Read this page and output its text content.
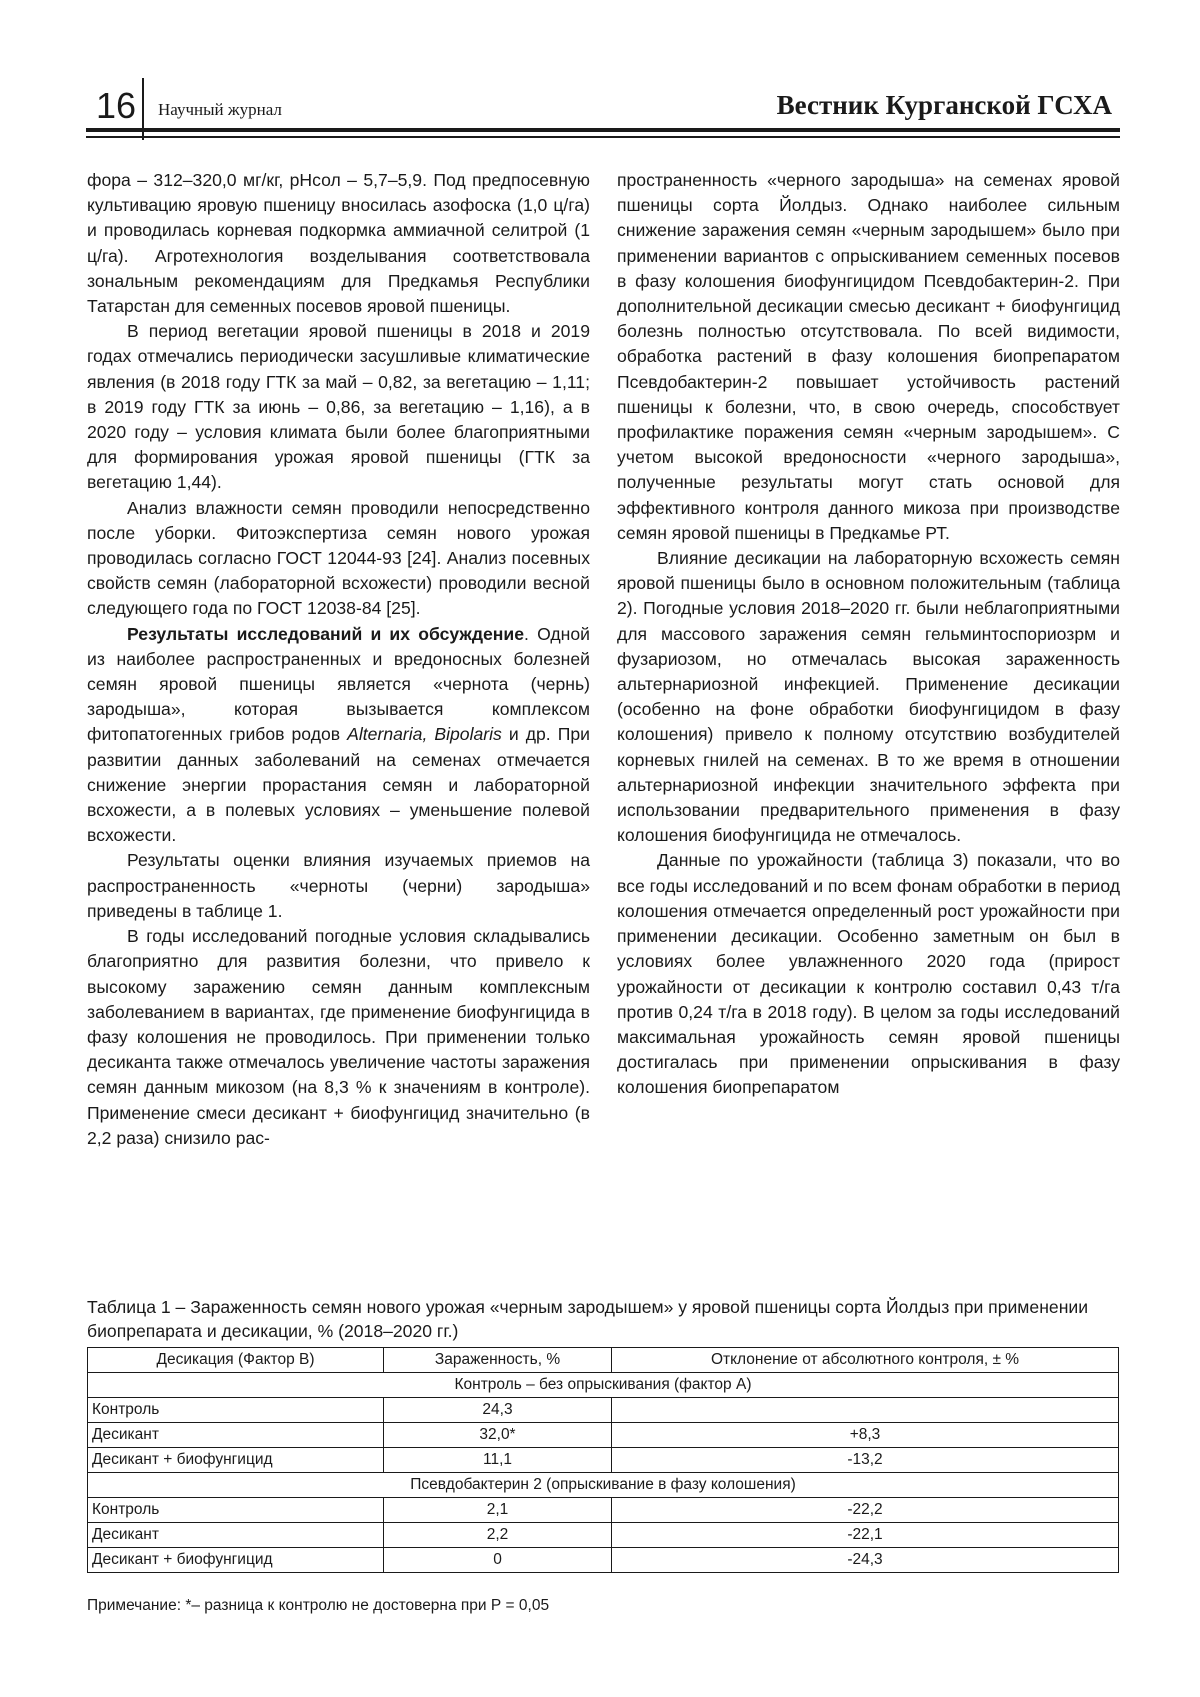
16 Научный журнал	Вестник Курганской ГСХА

фора – 312–320,0 мг/кг, рНсол – 5,7–5,9. Под предпосевную культивацию яровую пшеницу вносилась азофоска (1,0 ц/га) и проводилась корневая подкормка аммиачной селитрой (1 ц/га). Агротехнология возделывания соответствовала зональным рекомендациям для Предкамья Республики Татарстан для семенных посевов яровой пшеницы.

В период вегетации яровой пшеницы в 2018 и 2019 годах отмечались периодически засушливые климатические явления (в 2018 году ГТК за май – 0,82, за вегетацию – 1,11; в 2019 году ГТК за июнь – 0,86, за вегетацию – 1,16), а в 2020 году – условия климата были более благоприятными для формирования урожая яровой пшеницы (ГТК за вегетацию 1,44).

Анализ влажности семян проводили непосредственно после уборки. Фитоэкспертиза семян нового урожая проводилась согласно ГОСТ 12044-93 [24]. Анализ посевных свойств семян (лабораторной всхожести) проводили весной следующего года по ГОСТ 12038-84 [25].

Результаты исследований и их обсуждение. Одной из наиболее распространенных и вредоносных болезней семян яровой пшеницы является «чернота (чернь) зародыша», которая вызывается комплексом фитопатогенных грибов родов Alternaria, Bipolaris и др. При развитии данных заболеваний на семенах отмечается снижение энергии прорастания семян и лабораторной всхожести, а в полевых условиях – уменьшение полевой всхожести.

Результаты оценки влияния изучаемых приемов на распространенность «черноты (черни) зародыша» приведены в таблице 1.

В годы исследований погодные условия складывались благоприятно для развития болезни, что привело к высокому заражению семян данным комплексным заболеванием в вариантах, где применение биофунгицида в фазу колошения не проводилось. При применении только десиканта также отмечалось увеличение частоты заражения семян данным микозом (на 8,3 % к значениям в контроле). Применение смеси десикант + биофунгицид значительно (в 2,2 раза) снизило рас-

пространенность «черного зародыша» на семенах яровой пшеницы сорта Йолдыз. Однако наиболее сильным снижение заражения семян «черным зародышем» было при применении вариантов с опрыскиванием семенных посевов в фазу колошения биофунгицидом Псевдобактерин-2. При дополнительной десикации смесью десикант + биофунгицид болезнь полностью отсутствовала. По всей видимости, обработка растений в фазу колошения биопрепаратом Псевдобактерин-2 повышает устойчивость растений пшеницы к болезни, что, в свою очередь, способствует профилактике поражения семян «черным зародышем». С учетом высокой вредоносности «черного зародыша», полученные результаты могут стать основой для эффективного контроля данного микоза при производстве семян яровой пшеницы в Предкамье РТ.

Влияние десикации на лабораторную всхожесть семян яровой пшеницы было в основном положительным (таблица 2). Погодные условия 2018–2020 гг. были неблагоприятными для массового заражения семян гельминтоспориозрм и фузариозом, но отмечалась высокая зараженность альтернариозной инфекцией. Применение десикации (особенно на фоне обработки биофунгицидом в фазу колошения) привело к полному отсутствию возбудителей корневых гнилей на семенах. В то же время в отношении альтернариозной инфекции значительного эффекта при использовании предварительного применения в фазу колошения биофунгицида не отмечалось.

Данные по урожайности (таблица 3) показали, что во все годы исследований и по всем фонам обработки в период колошения отмечается определенный рост урожайности при применении десикации. Особенно заметным он был в условиях более увлажненного 2020 года (прирост урожайности от десикации к контролю составил 0,43 т/га против 0,24 т/га в 2018 году). В целом за годы исследований максимальная урожайность семян яровой пшеницы достигалась при применении опрыскивания в фазу колошения биопрепаратом

Таблица 1 – Зараженность семян нового урожая «черным зародышем» у яровой пшеницы сорта Йолдыз при применении биопрепарата и десикации, % (2018–2020 гг.)
Десикация (Фактор В)	Зараженность, %	Отклонение от абсолютного контроля, ± %
Контроль – без опрыскивания (фактор А)		
Контроль	24,3	
Десикант	32,0*	+8,3
Десикант + биофунгицид	11,1	-13,2
Псевдобактерин 2 (опрыскивание в фазу колошения)		
Контроль	2,1	-22,2
Десикант	2,2	-22,1
Десикант + биофунгицид	0	-24,3
Примечание: *– разница к контролю не достоверна при Р = 0,05
